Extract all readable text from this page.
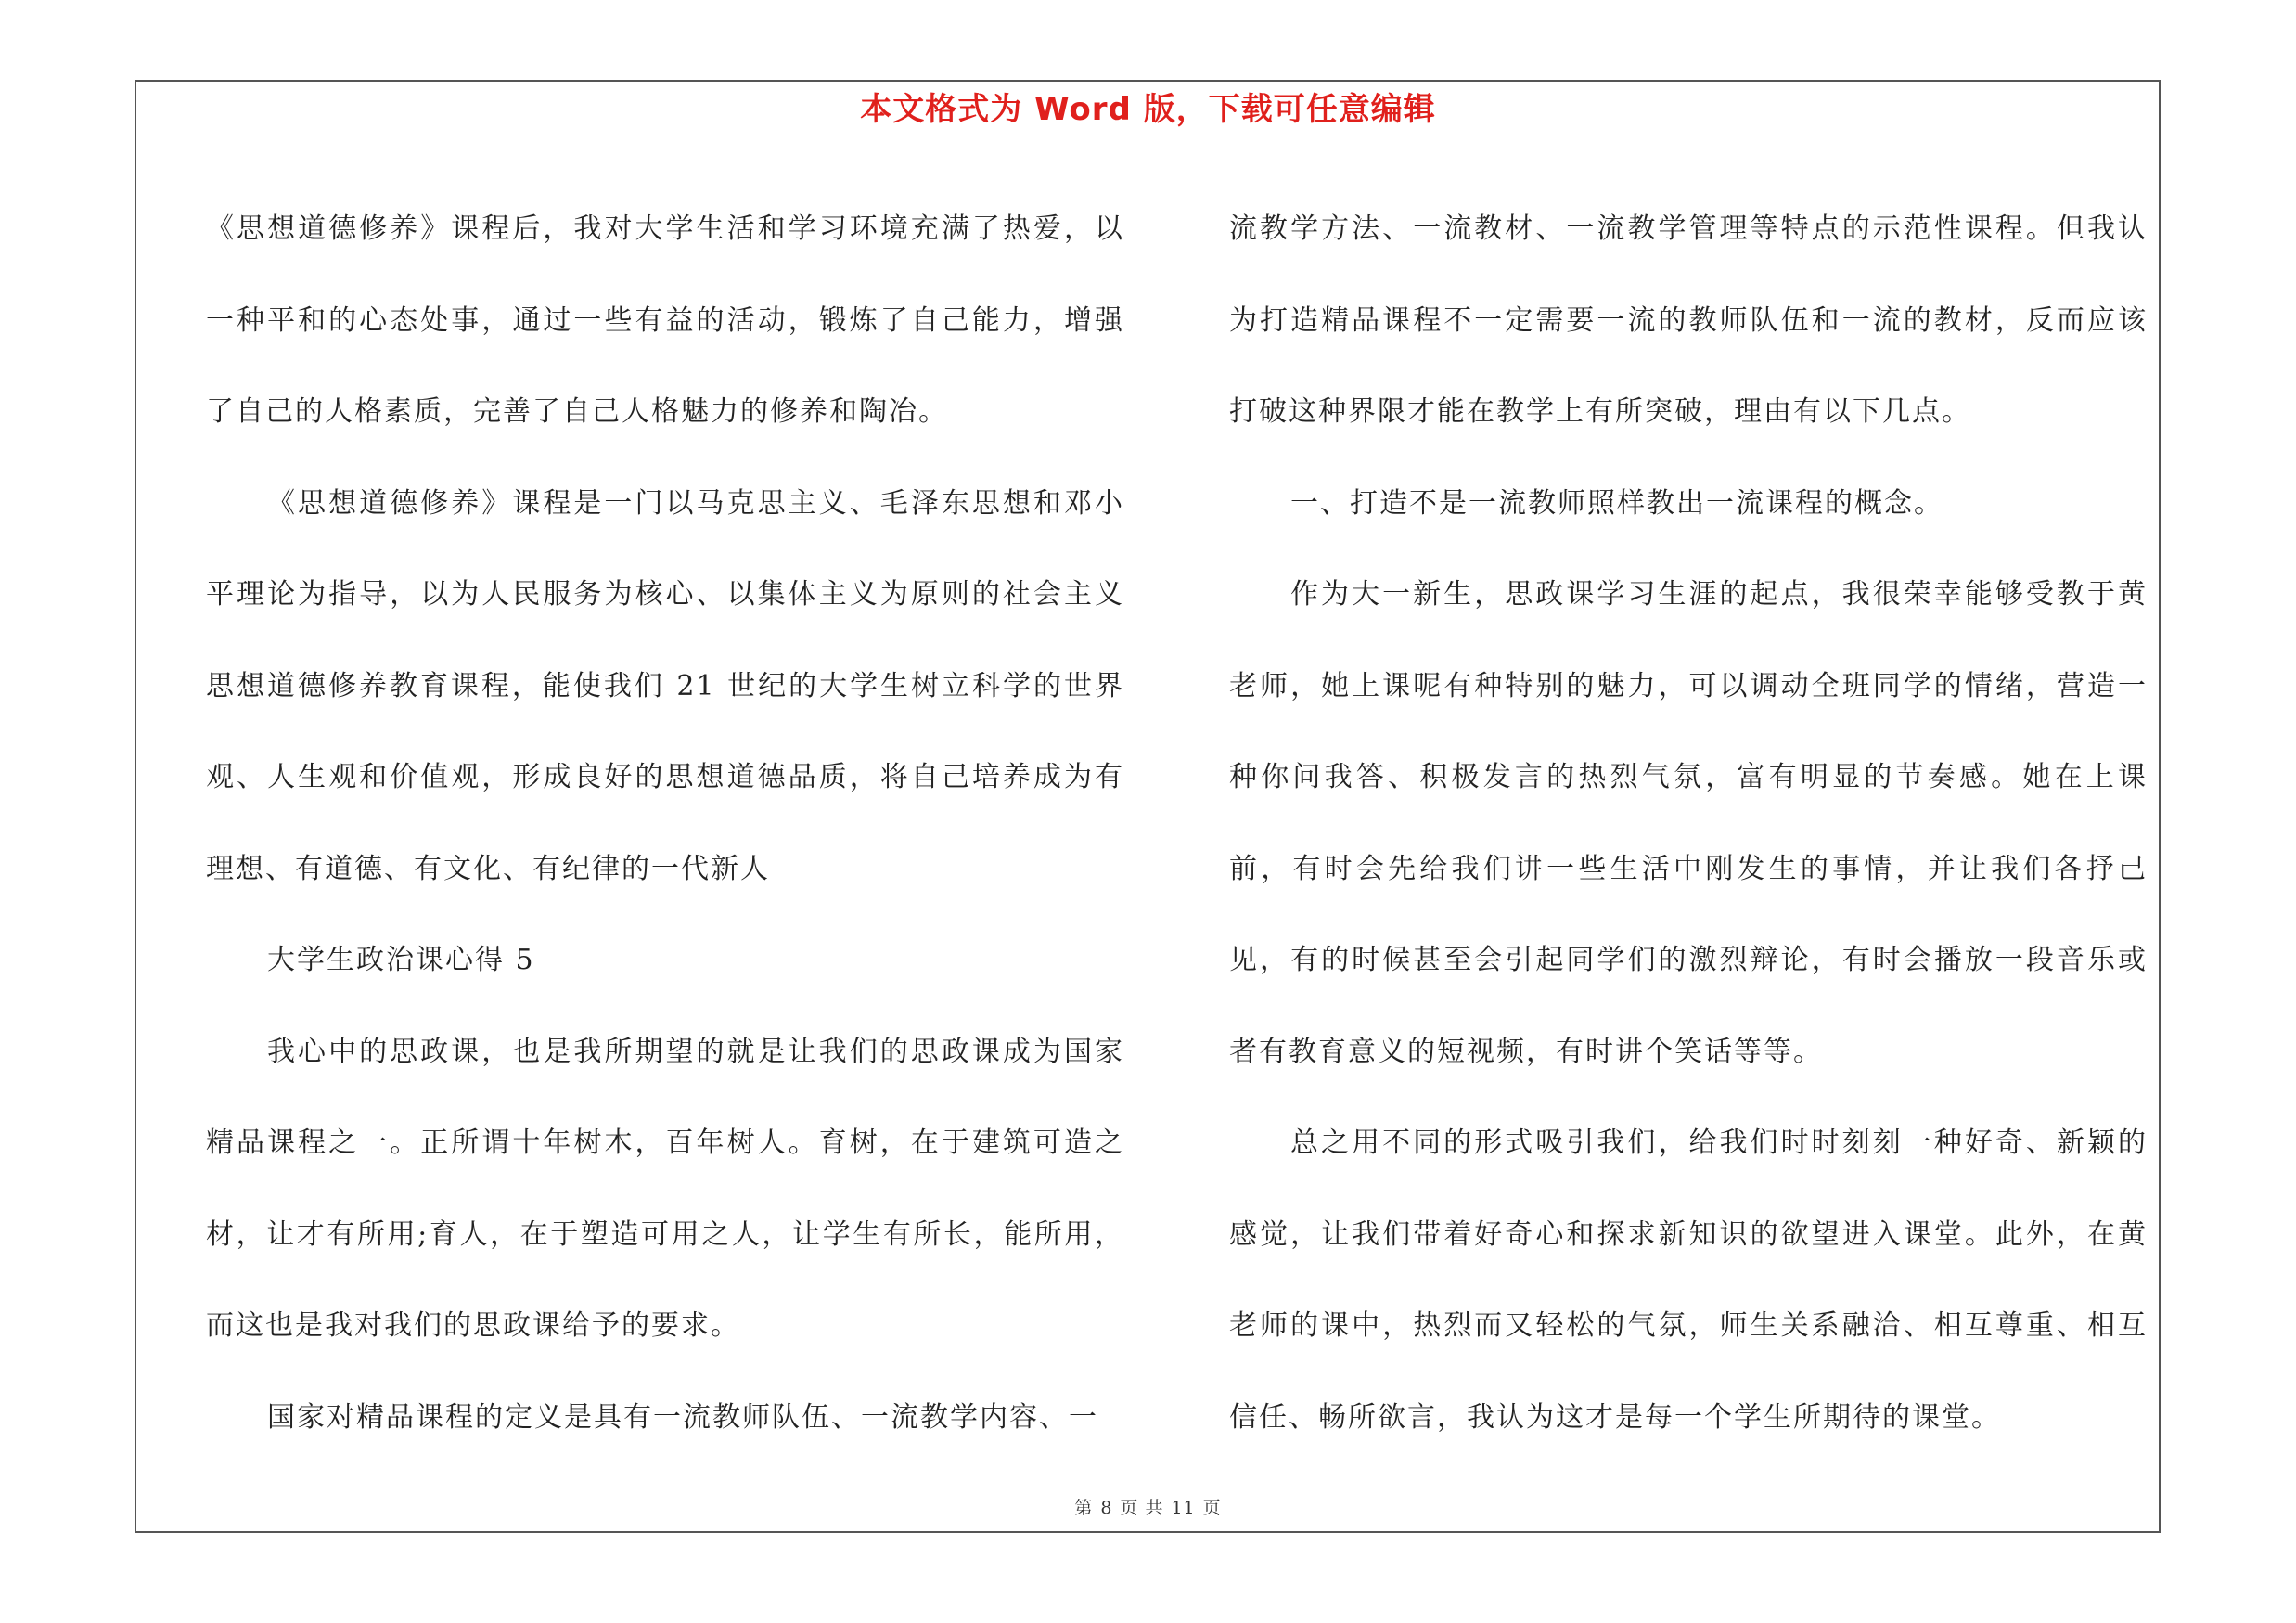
本文格式为 Word 版，下载可任意编辑

《思想道德修养》课程后，我对大学生活和学习环境充满了热爱，以一种平和的心态处事，通过一些有益的活动，锻炼了自己能力，增强了自己的人格素质，完善了自己人格魅力的修养和陶冶。

《思想道德修养》课程是一门以马克思主义、毛泽东思想和邓小平理论为指导，以为人民服务为核心、以集体主义为原则的社会主义思想道德修养教育课程，能使我们 21 世纪的大学生树立科学的世界观、人生观和价值观，形成良好的思想道德品质，将自己培养成为有理想、有道德、有文化、有纪律的一代新人

大学生政治课心得 5

我心中的思政课，也是我所期望的就是让我们的思政课成为国家精品课程之一。正所谓十年树木，百年树人。育树，在于建筑可造之材，让才有所用;育人，在于塑造可用之人，让学生有所长，能所用，而这也是我对我们的思政课给予的要求。

国家对精品课程的定义是具有一流教师队伍、一流教学内容、一

流教学方法、一流教材、一流教学管理等特点的示范性课程。但我认为打造精品课程不一定需要一流的教师队伍和一流的教材，反而应该打破这种界限才能在教学上有所突破，理由有以下几点。

一、打造不是一流教师照样教出一流课程的概念。

作为大一新生，思政课学习生涯的起点，我很荣幸能够受教于黄老师，她上课呢有种特别的魅力，可以调动全班同学的情绪，营造一种你问我答、积极发言的热烈气氛，富有明显的节奏感。她在上课前，有时会先给我们讲一些生活中刚发生的事情，并让我们各抒己见，有的时候甚至会引起同学们的激烈辩论，有时会播放一段音乐或者有教育意义的短视频，有时讲个笑话等等。

总之用不同的形式吸引我们，给我们时时刻刻一种好奇、新颖的感觉，让我们带着好奇心和探求新知识的欲望进入课堂。此外，在黄老师的课中，热烈而又轻松的气氛，师生关系融洽、相互尊重、相互信任、畅所欲言，我认为这才是每一个学生所期待的课堂。

第 8 页 共 11 页
